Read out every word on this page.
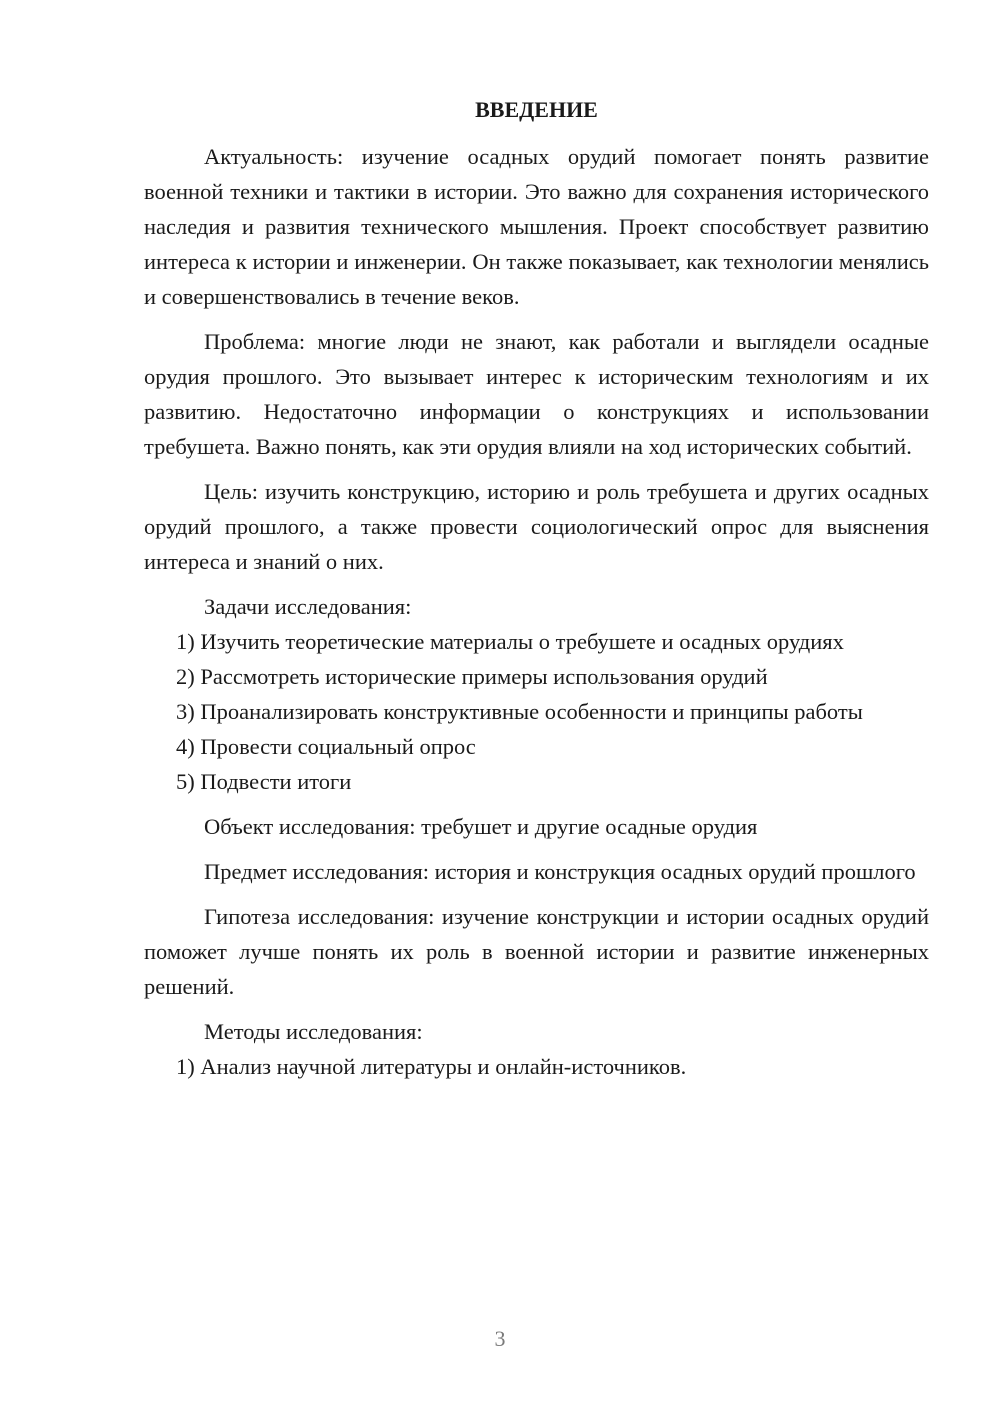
ВВЕДЕНИЕ

Актуальность: изучение осадных орудий помогает понять развитие военной техники и тактики в истории. Это важно для сохранения исторического наследия и развития технического мышления. Проект способствует развитию интереса к истории и инженерии. Он также показывает, как технологии менялись и совершенствовались в течение веков.

Проблема: многие люди не знают, как работали и выглядели осадные орудия прошлого. Это вызывает интерес к историческим технологиям и их развитию. Недостаточно информации о конструкциях и использовании требушета. Важно понять, как эти орудия влияли на ход исторических событий.

Цель: изучить конструкцию, историю и роль требушета и других осадных орудий прошлого, а также провести социологический опрос для выяснения интереса и знаний о них.

Задачи исследования:

1) Изучить теоретические материалы о требушете и осадных орудиях

2) Рассмотреть исторические примеры использования орудий

3) Проанализировать конструктивные особенности и принципы работы

4) Провести социальный опрос

5) Подвести итоги

Объект исследования: требушет и другие осадные орудия

Предмет исследования: история и конструкция осадных орудий прошлого

Гипотеза исследования: изучение конструкции и истории осадных орудий поможет лучше понять их роль в военной истории и развитие инженерных решений.

Методы исследования:

1) Анализ научной литературы и онлайн-источников.

3
